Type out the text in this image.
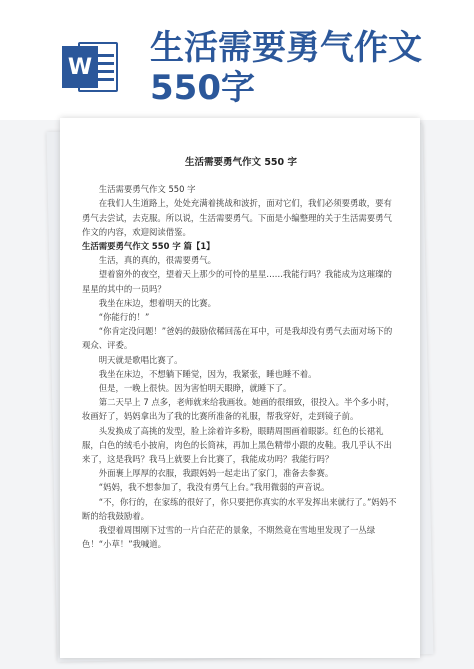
W 生活需要勇气作文
550字
生活需要勇气作文 550 字

生活需要勇气作文 550 字

在我们人生道路上，处处充满着挑战和波折，面对它们，我们必须要勇敢，要有勇气去尝试，去克服。所以说，生活需要勇气。下面是小编整理的关于生活需要勇气作文的内容，欢迎阅读借鉴。

生活需要勇气作文 550 字 篇【1】

生活，真的真的，很需要勇气。

望着窗外的夜空，望着天上那少的可怜的星星……我能行吗？我能成为这璀璨的星星的其中的一员吗？

我坐在床边，想着明天的比赛。

“你能行的！”

“你肯定没问题！”爸妈的鼓励依稀回荡在耳中，可是我却没有勇气去面对场下的观众、评委。

明天就是歌唱比赛了。

我坐在床边，不想躺下睡觉，因为，我紧张，睡也睡不着。

但是，一晚上很快。因为害怕明天眼睁，就睡下了。

第二天早上 7 点多，老师就来给我画妆。她画的很细致，很投入。半个多小时，妆画好了，妈妈拿出为了我的比赛所准备的礼服，帮我穿好，走到镜子前。

头发换成了高挑的发型，脸上涂着许多粉，眼睛周围画着眼影。红色的长裙礼服，白色的绒毛小披肩，肉色的长筒袜，再加上黑色精带小跟的皮鞋。我几乎认不出来了，这是我吗？我马上就要上台比赛了，我能成功吗？我能行吗？

外面裹上厚厚的衣服，我跟妈妈一起走出了家门，准备去参赛。

“妈妈，我不想参加了，我没有勇气上台。”我用微弱的声音说。

“不，你行的，在家练的很好了，你只要把你真实的水平发挥出来就行了。”妈妈不断的给我鼓励着。

我望着周围刚下过雪的一片白茫茫的景象，不期然竟在雪地里发现了一丛绿色！“小草！”我喊道。
